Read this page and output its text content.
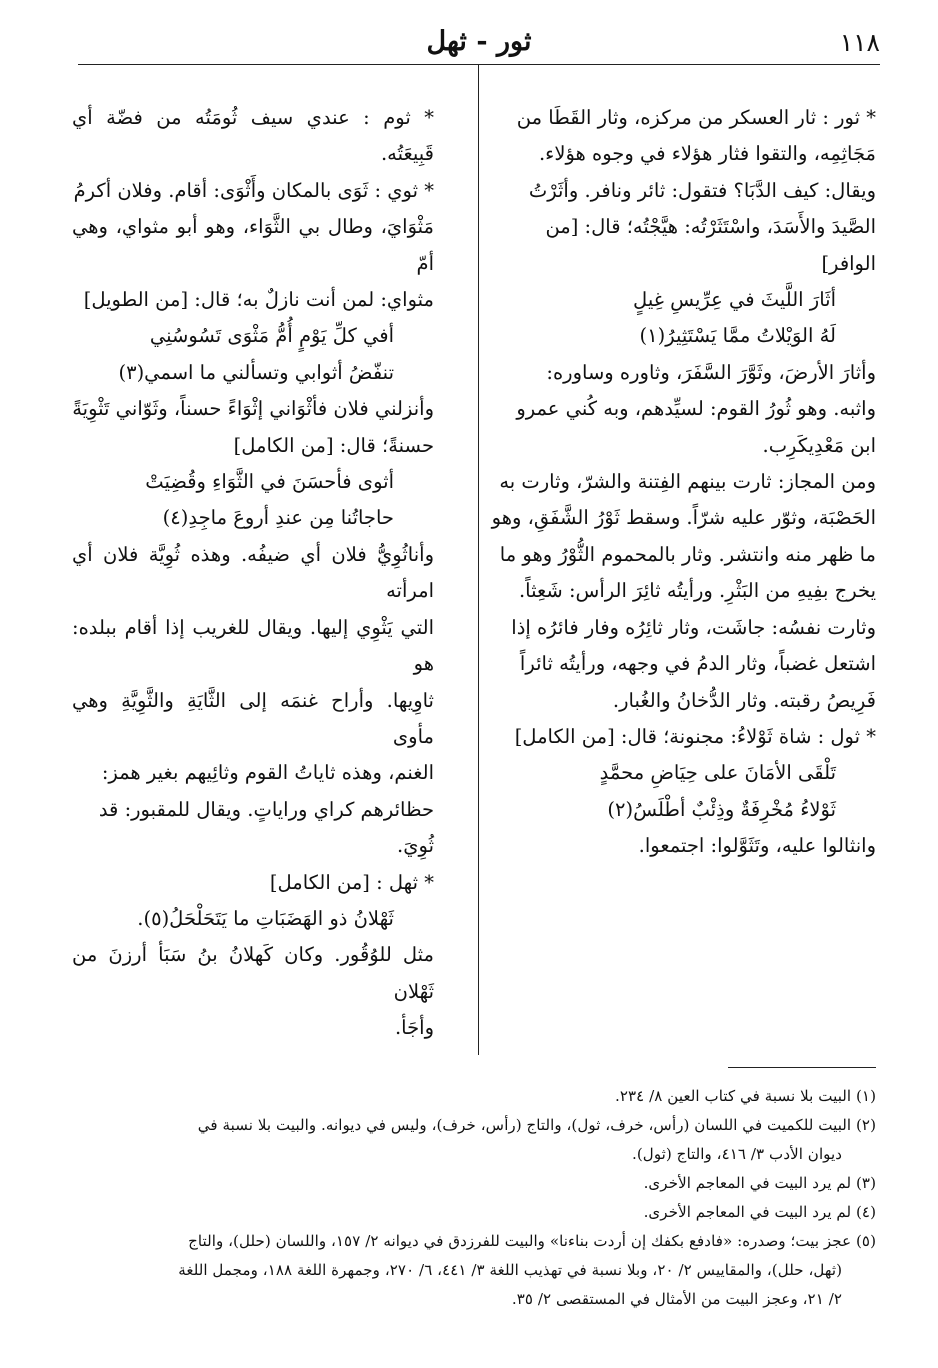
١١٨
ثور - ثهل

* ثور : ثار العسكر من مركزه، وثار القَطَا من

مَجَاثِمِه، والتقوا فثار هؤلاء في وجوه هؤلاء.

ويقال: كيف الدَّبَا؟ فتقول: ثائر ونافر. وأثَرْتُ

الصَّيدَ والأَسَدَ، واسْتَثَرْتُه: هيَّجْتُه؛ قال: [من

الوافر]

أثَارَ اللَّيثَ في عِرِّيسِ غِيلٍ

لَهُ الوَيْلاتُ ممَّا يَسْتَثِيرُ(١)

وأثارَ الأرضَ، وثَوَّرَ السَّفَرَ، وثاوره وساوره:

واثبه. وهو ثُورُ القوم: لسيِّدهم، وبه كُني عمرو

ابن مَعْدِيكَرِب.

ومن المجاز: ثارت بينهم الفِتنة والشرّ، وثارت به

الحَصْبَة، وثوّر عليه شرّاً. وسقط ثَوْرُ الشَّفَقِ، وهو

ما ظهر منه وانتشر. وثار بالمحموم الثُّوْرُ وهو ما

يخرج بفِيهِ من البَثْرِ. ورأيتُه ثائِرَ الرأس: شَعِثاً.

وثارت نفسُه: جاشَت، وثار ثائِرُه وفار فائرُه إذا

اشتعل غضباً، وثار الدمُ في وجهه، ورأيتُه ثائراً

فَرِيصُ رقبته. وثار الدُّخانُ والغُبار.

* ثول : شاة ثَوْلاءُ: مجنونة؛ قال: [من الكامل]

تَلْقَى الأمَانَ على حِيَاضِ محمَّدٍ

ثَوْلاءُ مُخْرِفَةٌ وذِئْبٌ أطْلَسُ(٢)

وانثالوا عليه، وتَثَوَّلوا: اجتمعوا.

* ثوم : عندي سيف ثُومَتُه من فضّة أي قَبِيعَتُه.

* ثوي : ثَوَى بالمكان وأَثْوَى: أقام. وفلان أكرمُ

مَثْوَايَ، وطال بي الثَّوَاء، وهو أبو مثواي، وهي أمّ

مثواي: لمن أنت نازلٌ به؛ قال: [من الطويل]

أفي كلِّ يَوْمٍ أُمُّ مَثْوَى تَسُوسُنِي

تنفّضُ أثوابي وتسألني ما اسمي(٣)

وأنزلني فلان فأثْوَاني إثْوَاءً حسناً، وثَوّاني تَثْوِيَةً

حسنةً؛ قال: [من الكامل]

أثوى فأحسَنَ في الثَّوَاءِ وقُضِيَتْ

حاجاتُنا مِن عندِ أروعَ ماجِدِ(٤)

وأناثُوِيُّ فلان أي ضيفُه. وهذه ثُوِيَّة فلان أي امرأته

التي يَثْوِي إليها. ويقال للغريب إذا أقام ببلده: هو

ثاوِيها. وأراح غنمَه إلى الثَّايَةِ والثَّوِيَّةِ وهي مأوى

الغنم، وهذه ثاياتُ القوم وثائِيهم بغير همز:

حظائرهم كراي وراياتٍ. ويقال للمقبور: قد

ثُوِيَ.

* ثهل : [من الكامل]

ثَهْلانُ ذو الهَضَبَاتِ ما يَتَحَلْحَلُ(٥).

مثل للوُقُور. وكان كَهلانُ بنُ سَبَأ أرزنَ من ثَهْلان

وأجَأ.

(١) البيت بلا نسبة في كتاب العين ٨/ ٢٣٤.

(٢) البيت للكميت في اللسان (رأس، خرف، ثول)، والتاج (رأس، خرف)، وليس في ديوانه. والبيت بلا نسبة في

ديوان الأدب ٣/ ٤١٦، والتاج (ثول).

(٣) لم يرد البيت في المعاجم الأخرى.

(٤) لم يرد البيت في المعاجم الأخرى.

(٥) عجز بيت؛ وصدره: «فادفع بكفك إن أردت بناءنا» والبيت للفرزدق في ديوانه ٢/ ١٥٧، واللسان (حلل)، والتاج

(ثهل، حلل)، والمقاييس ٢/ ٢٠، وبلا نسبة في تهذيب اللغة ٣/ ٤٤١، ٦/ ٢٧٠، وجمهرة اللغة ١٨٨، ومجمل اللغة

٢/ ٢١، وعجز البيت من الأمثال في المستقصى ٢/ ٣٥.
